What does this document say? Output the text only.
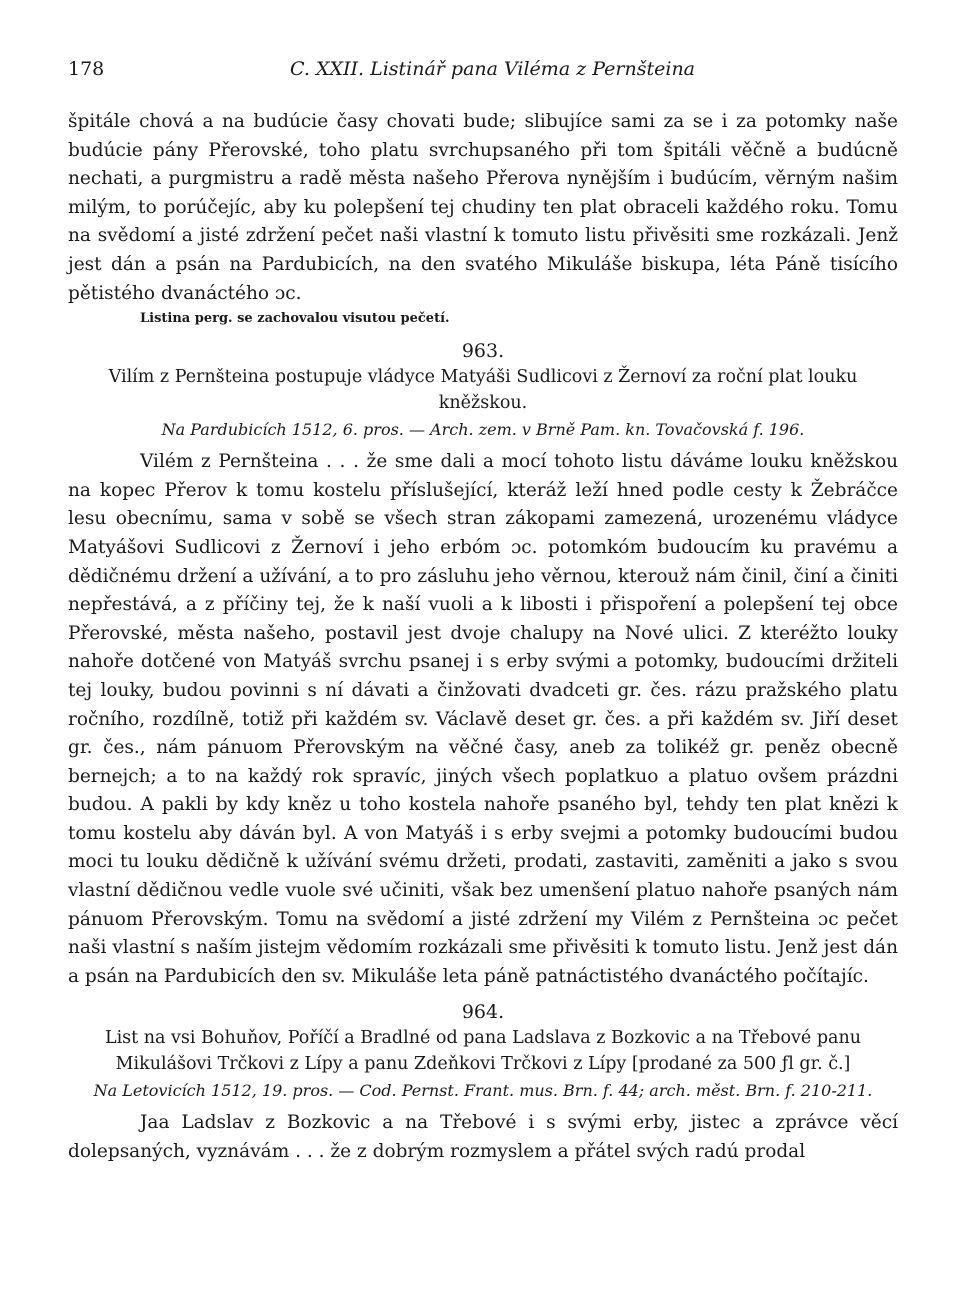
178	C. XXII. Listinář pana Viléma z Pernšteina

špitále chová a na budúcie časy chovati bude; slibujíce sami za se i za potomky naše budúcie pány Přerovské, toho platu svrchupsaného při tom špitáli věčně a budúcně nechati, a purgmistru a radě města našeho Přerova nynějším i budúcím, věrným našim milým, to porúčejíc, aby ku polepšení tej chudiny ten plat obraceli každého roku. Tomu na svědomí a jisté zdržení pečet naši vlastní k tomuto listu přivěsiti sme rozkázali. Jenž jest dán a psán na Pardubicích, na den svatého Mikuláše biskupa, léta Páně tisícího pětistého dvanáctého ɔc.

Listina perg. se zachovalou visutou pečetí.

963.

Vilím z Pernšteina postupuje vládyce Matyáši Sudlicovi z Žernoví za roční plat louku kněžskou.

Na Pardubicích 1512, 6. pros. — Arch. zem. v Brně Pam. kn. Tovačovská f. 196.

Vilém z Pernšteina . . . že sme dali a mocí tohoto listu dáváme louku kněžskou na kopec Přerov k tomu kostelu příslušející, kteráž leží hned podle cesty k Žebráčce lesu obecnímu, sama v sobě se všech stran zákopami zamezená, urozenému vládyce Matyášovi Sudlicovi z Žernoví i jeho erbóm ɔc. potomkóm budoucím ku pravému a dědičnému držení a užívání, a to pro zásluhu jeho věrnou, kterouž nám činil, činí a činiti nepřestává, a z příčiny tej, že k naší vuoli a k libosti i přispoření a polepšení tej obce Přerovské, města našeho, postavil jest dvoje chalupy na Nové ulici. Z kteréžto louky nahoře dotčené von Matyáš svrchu psanej i s erby svými a potomky, budoucími držiteli tej louky, budou povinni s ní dávati a činžovati dvadceti gr. čes. rázu pražského platu ročního, rozdílně, totiž při každém sv. Václavě deset gr. čes. a při každém sv. Jiří deset gr. čes., nám pánuom Přerovským na věčné časy, aneb za tolikéž gr. peněz obecně bernejch; a to na každý rok spravíc, jiných všech poplatkuo a platuo ovšem prázdni budou. A pakli by kdy kněz u toho kostela nahoře psaného byl, tehdy ten plat knězi k tomu kostelu aby dáván byl. A von Matyáš i s erby svejmi a potomky budoucími budou moci tu louku dědičně k užívání svému držeti, prodati, zastaviti, zaměniti a jako s svou vlastní dědičnou vedle vuole své učiniti, však bez umenšení platuo nahoře psaných nám pánuom Přerovským. Tomu na svědomí a jisté zdržení my Vilém z Pernšteina ɔc pečet naši vlastní s naším jistejm vědomím rozkázali sme přivěsiti k tomuto listu. Jenž jest dán a psán na Pardubicích den sv. Mikuláše leta páně patnáctistého dvanáctého počítajíc.

964.

List na vsi Bohuňov, Poříčí a Bradlné od pana Ladslava z Bozkovic a na Třebové panu Mikulášovi Trčkovi z Lípy a panu Zdeňkovi Trčkovi z Lípy [prodané za 500 ƒl gr. č.]

Na Letovicích 1512, 19. pros. — Cod. Pernst. Frant. mus. Brn. f. 44; arch. měst. Brn. f. 210-211.

Jaa Ladslav z Bozkovic a na Třebové i s svými erby, jistec a zprávce věcí dolepsaných, vyznávám . . . že z dobrým rozmyslem a přátel svých radú prodal
